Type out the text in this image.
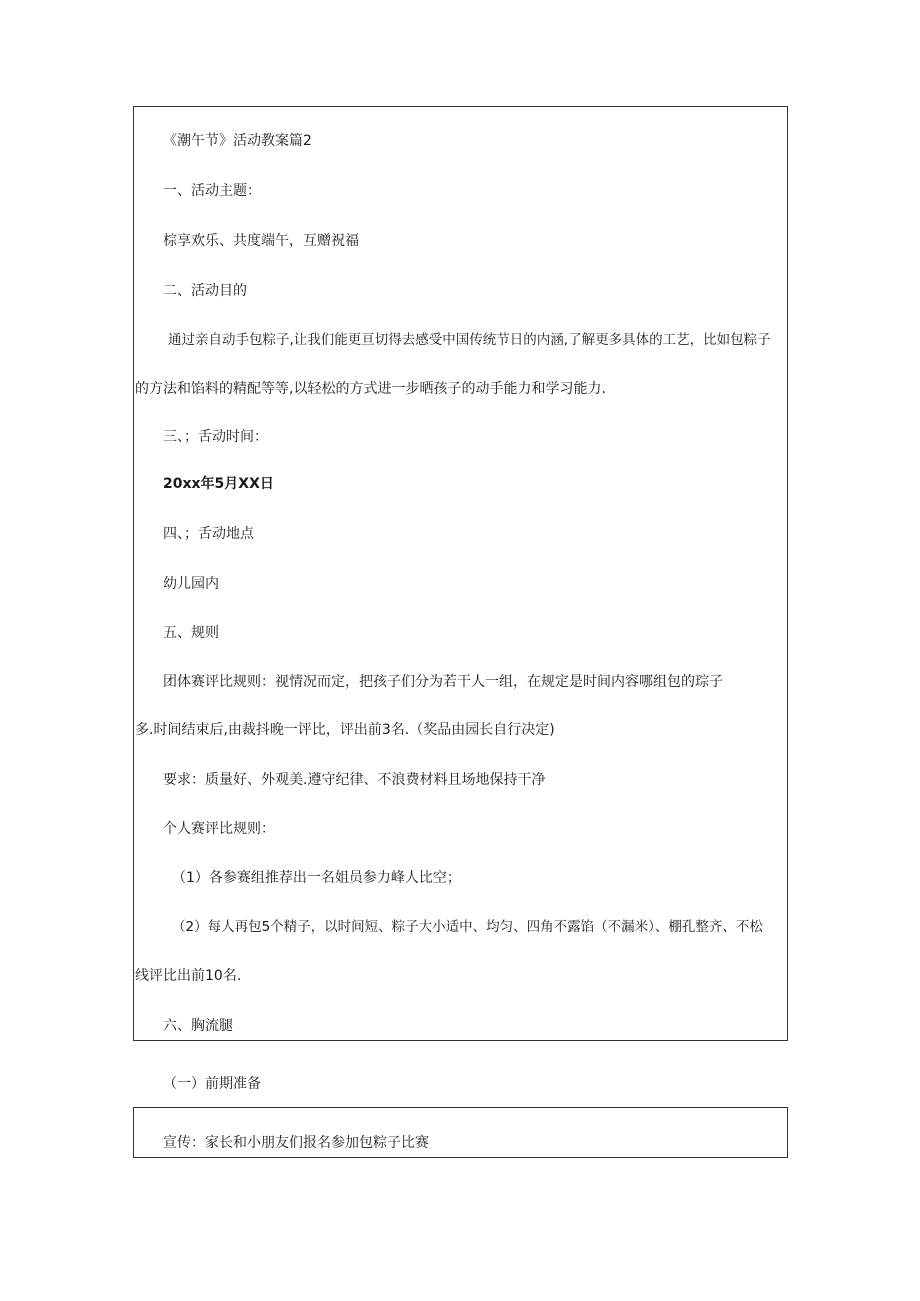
《潮午节》活动教案篇2
一、活动主题：
棕享欢乐、共度端午，互赠祝福
二、活动目的
通过亲自动手包粽子,让我们能更亘切得去感受中国传统节日的内涵,了解更多具体的工艺，比如包粽子
的方法和馅料的精配等等,以轻松的方式进一步晒孩子的动手能力和学习能力.
三、；舌动时间：
20xx年5月XX日
四、；舌动地点
幼儿园内
五、规则
团体赛评比规则：视情况而定，把孩子们分为若干人一组，在规定是时间内容哪组包的琮子
多.时间结束后,由裁抖晚一评比，评出前3名.（奖品由园长自行决定)
要求：质量好、外观美.遵守纪律、不浪费材料且场地保持干净
个人赛评比规则：
（1）各参赛组推荐出一名姐员参力峰人比空；
（2）每人再包5个精子，以时间短、粽子大小适中、均匀、四角不露馅（不漏米）、棚孔整齐、不松
线评比出前10名.
六、胸流腿
（一）前期准备
宣传：家长和小朋友们报名参加包粽子比赛
